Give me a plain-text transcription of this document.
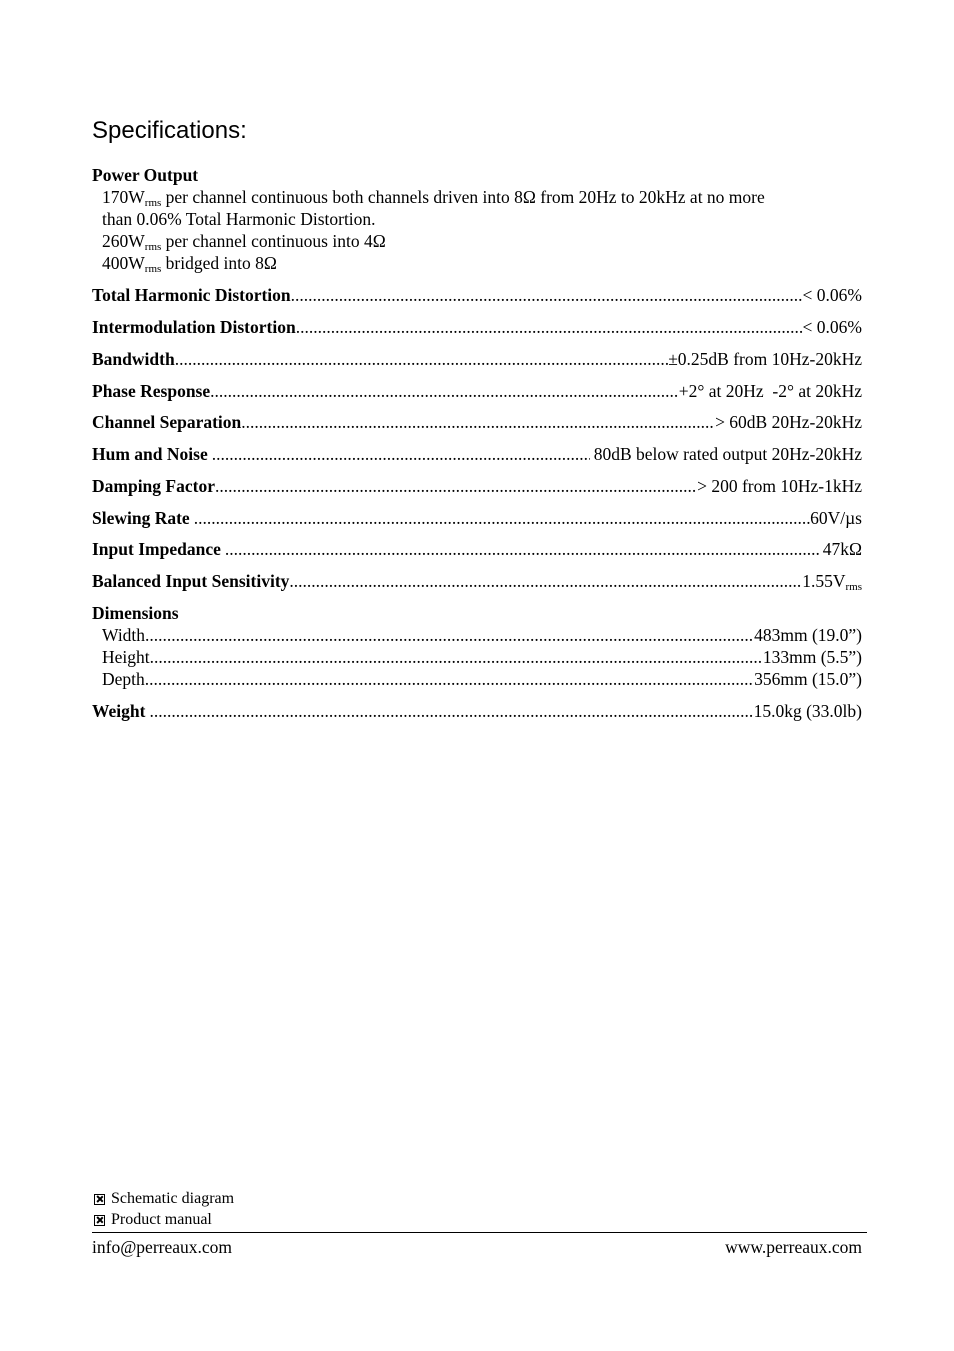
Specifications:
Power Output
$170W_{rms}$ per channel continuous both channels driven into 8Ω from 20Hz to 20kHz at no more
than 0.06% Total Harmonic Distortion.
$260W_{rms}$ per channel continuous into 4Ω
$400W_{rms}$ bridged into 8Ω
Total Harmonic Distortion .....	< 0.06%
Intermodulation Distortion .....	< 0.06%
Bandwidth .....	±0.25dB from 10Hz-20kHz
Phase Response .....	+2° at 20Hz  -2° at 20kHz
Channel Separation .....	> 60dB 20Hz-20kHz
Hum and Noise .....	80dB below rated output 20Hz-20kHz
Damping Factor .....	> 200 from 10Hz-1kHz
Slewing Rate .....	60V/µs
Input Impedance .....	47kΩ
Balanced Input Sensitivity .....	$1.55V_{rms}$
Dimensions
Width .....	483mm (19.0”)
Height .....	133mm (5.5”)
Depth .....	356mm (15.0”)
Weight .....	15.0kg (33.0lb)
Schematic diagram
Product manual
info@perreaux.com	www.perreaux.com
